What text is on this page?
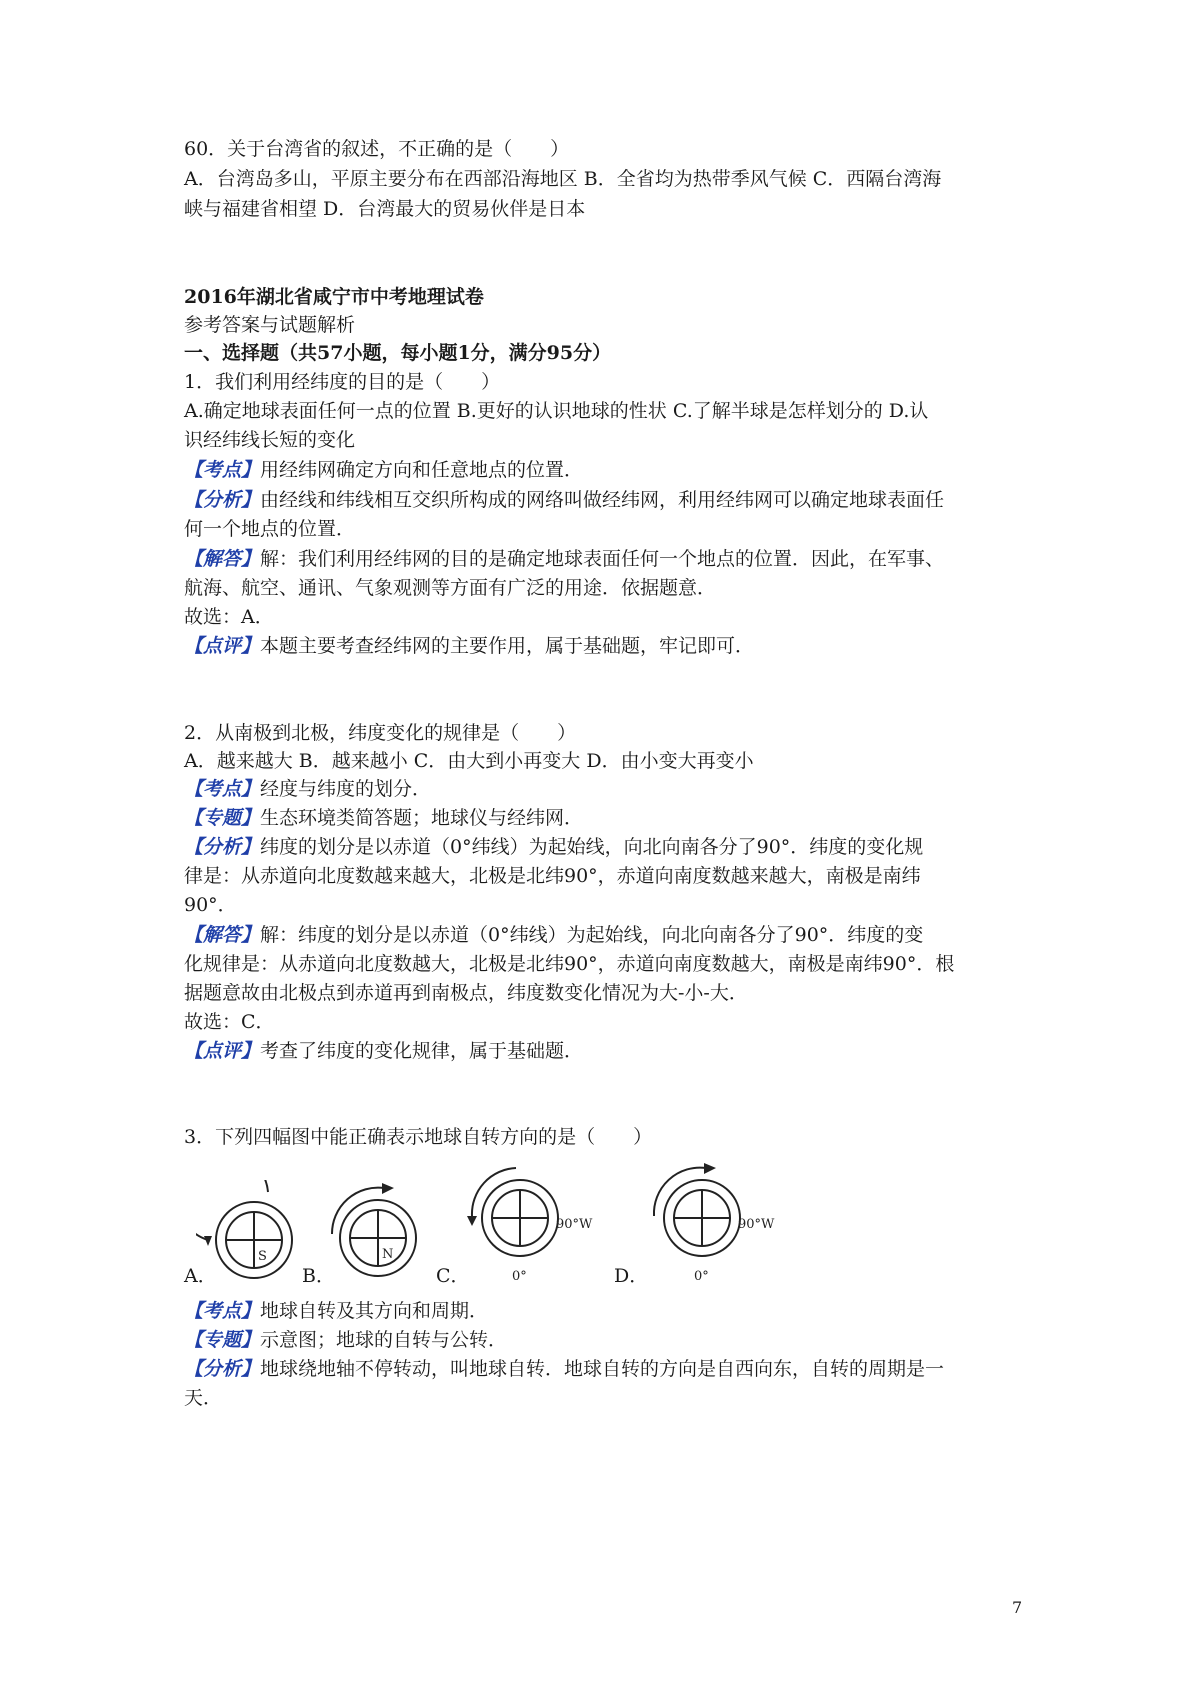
60．关于台湾省的叙述，不正确的是（　　）
A．台湾岛多山，平原主要分布在西部沿海地区 B．全省均为热带季风气候 C．西隔台湾海
峡与福建省相望 D．台湾最大的贸易伙伴是日本
2016年湖北省咸宁市中考地理试卷
参考答案与试题解析
一、选择题（共57小题，每小题1分，满分95分）
1．我们利用经纬度的目的是（　　）
A.确定地球表面任何一点的位置 B.更好的认识地球的性状 C.了解半球是怎样划分的 D.认
识经纬线长短的变化
【考点】用经纬网确定方向和任意地点的位置．
【分析】由经线和纬线相互交织所构成的网络叫做经纬网，利用经纬网可以确定地球表面任
何一个地点的位置．
【解答】解：我们利用经纬网的目的是确定地球表面任何一个地点的位置．因此，在军事、
航海、航空、通讯、气象观测等方面有广泛的用途．依据题意．
故选：A．
【点评】本题主要考查经纬网的主要作用，属于基础题，牢记即可．
2．从南极到北极，纬度变化的规律是（　　）
A．越来越大 B．越来越小 C．由大到小再变大 D．由小变大再变小
【考点】经度与纬度的划分．
【专题】生态环境类简答题；地球仪与经纬网．
【分析】纬度的划分是以赤道（0°纬线）为起始线，向北向南各分了90°．纬度的变化规
律是：从赤道向北度数越来越大，北极是北纬90°，赤道向南度数越来越大，南极是南纬
90°．
【解答】解：纬度的划分是以赤道（0°纬线）为起始线，向北向南各分了90°．纬度的变
化规律是：从赤道向北度数越大，北极是北纬90°，赤道向南度数越大，南极是南纬90°．根
据题意故由北极点到赤道再到南极点，纬度数变化情况为大-小-大．
故选：C．
【点评】考查了纬度的变化规律，属于基础题．
3．下列四幅图中能正确表示地球自转方向的是（　　）
A．
S
B．
N
C．
90°W
0°	D．
90°W
0°
【考点】地球自转及其方向和周期．
【专题】示意图；地球的自转与公转．
【分析】地球绕地轴不停转动，叫地球自转．地球自转的方向是自西向东，自转的周期是一
天．
7
